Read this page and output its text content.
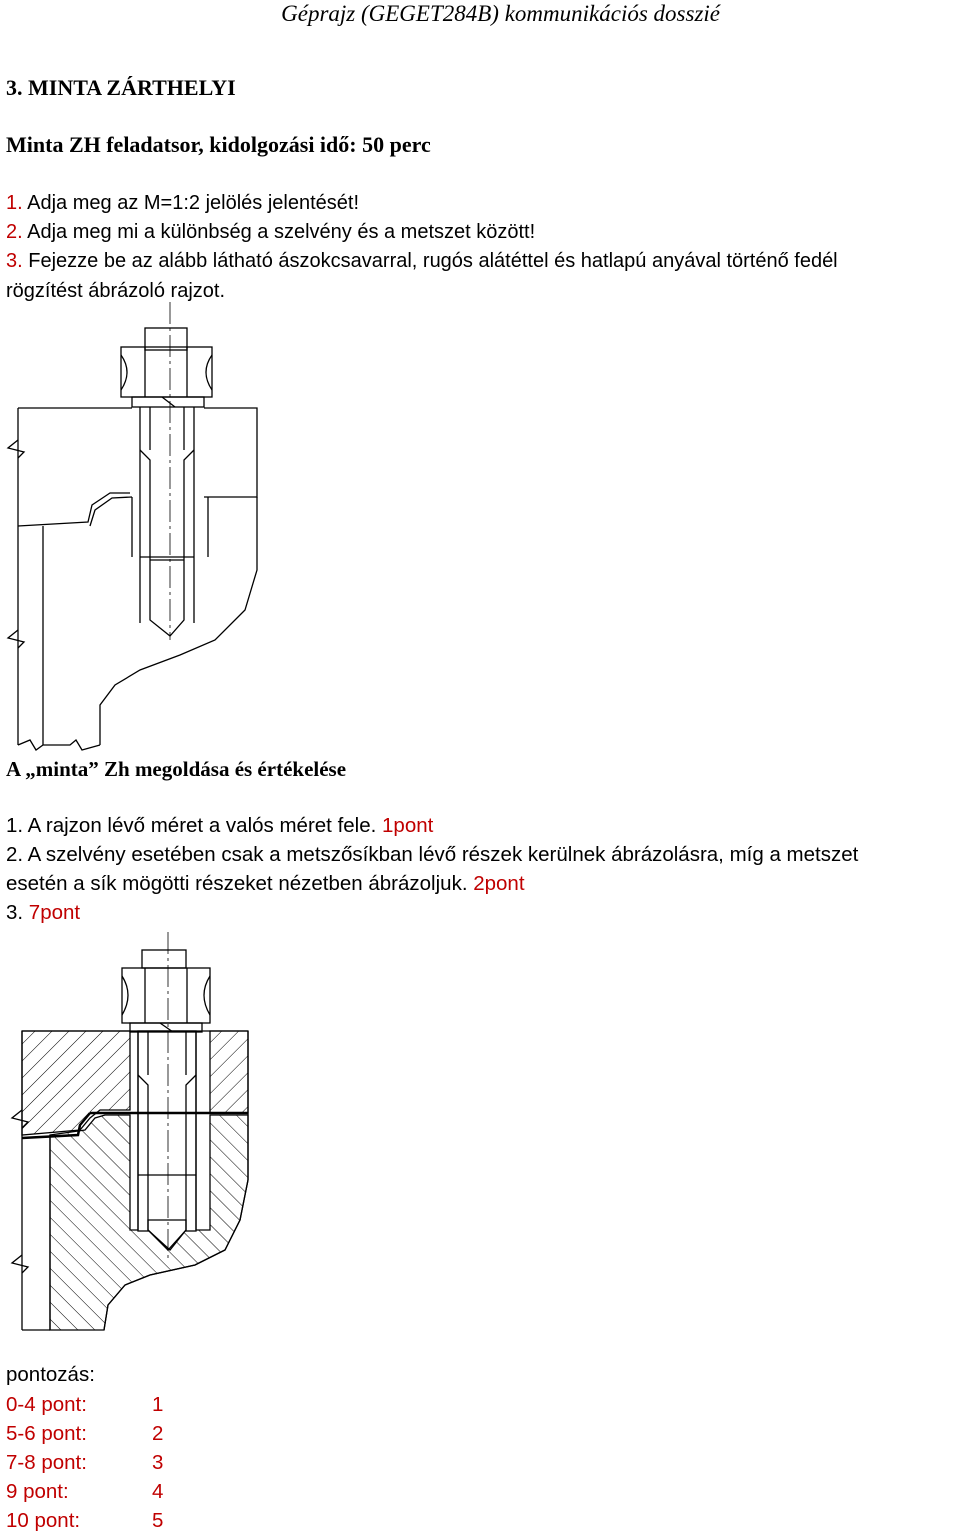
Géprajz (GEGET284B) kommunikációs dosszié
3. MINTA ZÁRTHELYI
Minta ZH feladatsor, kidolgozási idő: 50 perc
1. Adja meg az M=1:2 jelölés jelentését!
2. Adja meg mi a különbség a szelvény és a metszet között!
3. Fejezze be az alább látható ászokcsavarral, rugós alátéttel és hatlapú anyával történő fedél
rögzítést ábrázoló rajzot.
A „minta” Zh megoldása és értékelése
1. A rajzon lévő méret a valós méret fele. 1pont
2. A szelvény esetében csak a metszősíkban lévő részek kerülnek ábrázolásra, míg a metszet
esetén a sík mögötti részeket nézetben ábrázoljuk. 2pont
3. 7pont
pontozás:
0-4 pont:	1
5-6 pont:	2
7-8 pont:	3
9 pont:	4
10 pont:	5
